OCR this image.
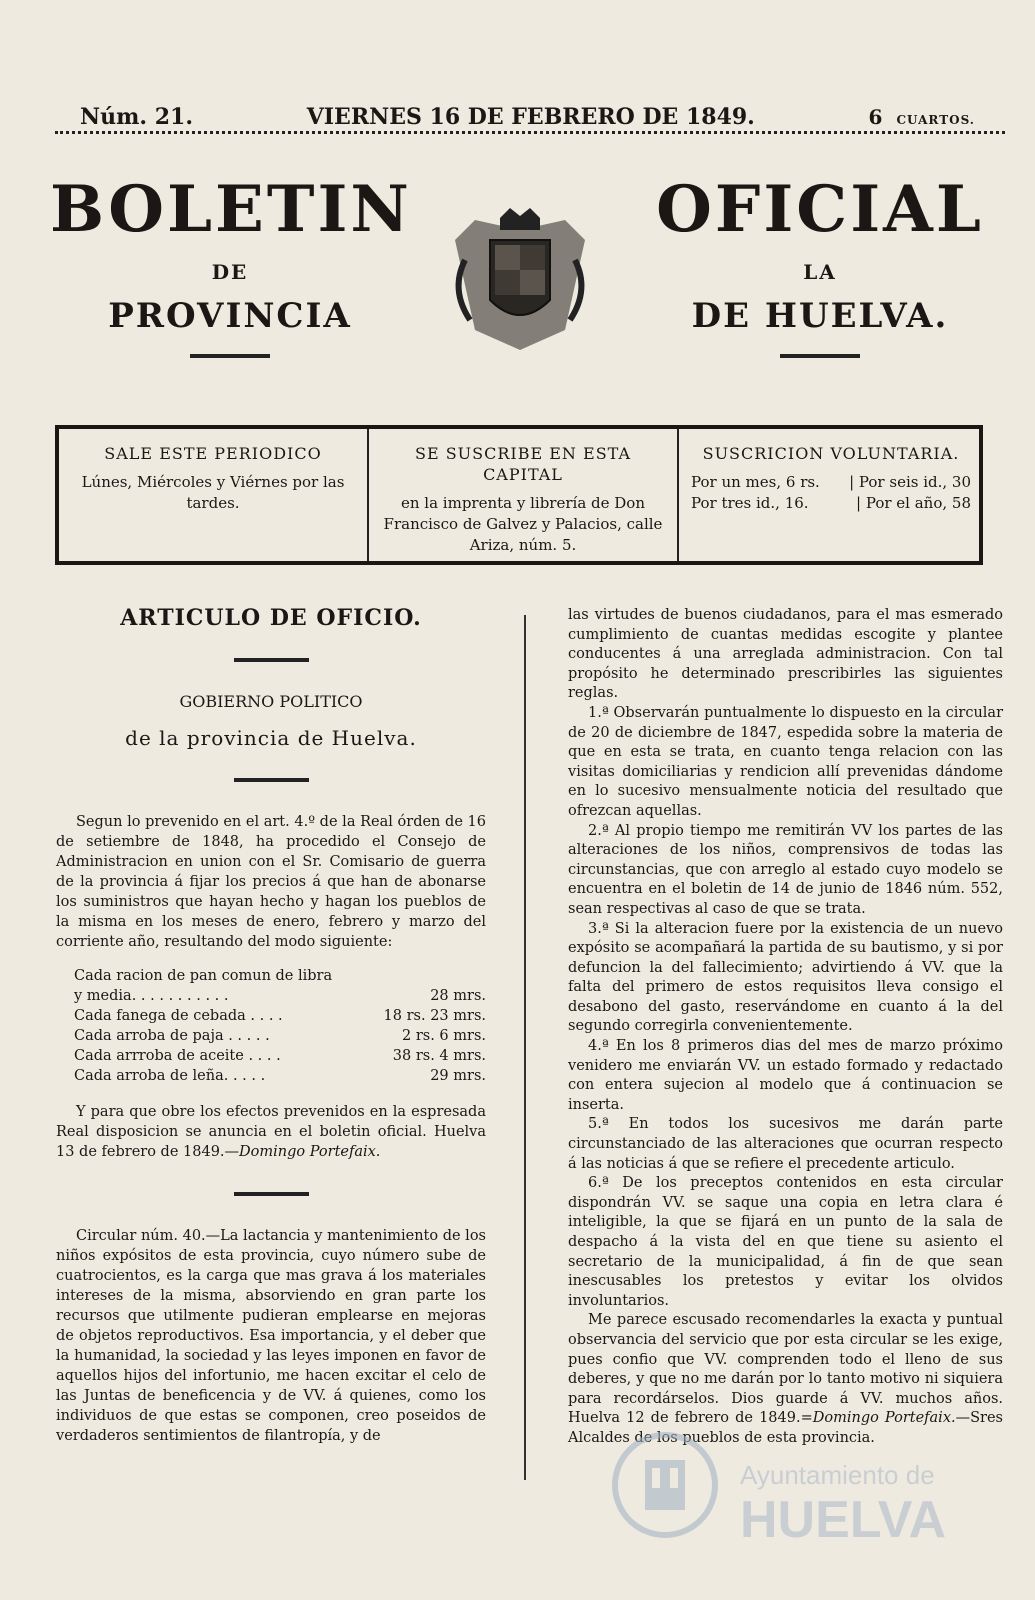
Núm. 21.	VIERNES 16 DE FEBRERO DE 1849.	6 CUARTOS.
BOLETIN
DE
PROVINCIA
OFICIAL
LA
DE HUELVA.
SALE ESTE PERIODICO
Lúnes, Miércoles y Viérnes por las tardes.
SE SUSCRIBE EN ESTA CAPITAL
en la imprenta y librería de Don Francisco de Galvez y Palacios, calle Ariza, núm. 5.
SUSCRICION VOLUNTARIA.
Por un mes, 6 rs. | Por seis id., 30
Por tres id., 16.	| Por el año, 58
ARTICULO DE OFICIO.
GOBIERNO POLITICO
de la provincia de Huelva.

Segun lo prevenido en el art. 4.º de la Real órden de 16 de setiembre de 1848, ha procedido el Consejo de Administracion en union con el Sr. Comisario de guerra de la provincia á fijar los precios á que han de abonarse los suministros que hayan hecho y hagan los pueblos de la misma en los meses de enero, febrero y marzo del corriente año, resultando del modo siguiente:

Cada racion de pan comun de libra
y media. . . . . . . . . . .	28 mrs.
Cada fanega de cebada . . . .	18 rs. 23 mrs.
Cada arroba de paja . . . . .	2 rs. 6 mrs.
Cada arrroba de aceite . . . .	38 rs. 4 mrs.
Cada arroba de leña. . . . .	29 mrs.

Y para que obre los efectos prevenidos en la espresada Real disposicion se anuncia en el boletin oficial. Huelva 13 de febrero de 1849.—Domingo Portefaix.

Circular núm. 40.—La lactancia y mantenimiento de los niños expósitos de esta provincia, cuyo número sube de cuatrocientos, es la carga que mas grava á los materiales intereses de la misma, absorviendo en gran parte los recursos que utilmente pudieran emplearse en mejoras de objetos reproductivos. Esa importancia, y el deber que la humanidad, la sociedad y las leyes imponen en favor de aquellos hijos del infortunio, me hacen excitar el celo de las Juntas de beneficencia y de VV. á quienes, como los individuos de que estas se componen, creo poseidos de verdaderos sentimientos de filantropía, y de

las virtudes de buenos ciudadanos, para el mas esmerado cumplimiento de cuantas medidas escogite y plantee conducentes á una arreglada administracion. Con tal propósito he determinado prescribirles las siguientes reglas.

1.ª Observarán puntualmente lo dispuesto en la circular de 20 de diciembre de 1847, espedida sobre la materia de que en esta se trata, en cuanto tenga relacion con las visitas domiciliarias y rendicion allí prevenidas dándome en lo sucesivo mensualmente noticia del resultado que ofrezcan aquellas.

2.ª Al propio tiempo me remitirán VV los partes de las alteraciones de los niños, comprensivos de todas las circunstancias, que con arreglo al estado cuyo modelo se encuentra en el boletin de 14 de junio de 1846 núm. 552, sean respectivas al caso de que se trata.

3.ª Si la alteracion fuere por la existencia de un nuevo expósito se acompañará la partida de su bautismo, y si por defuncion la del fallecimiento; advirtiendo á VV. que la falta del primero de estos requisitos lleva consigo el desabono del gasto, reservándome en cuanto á la del segundo corregirla convenientemente.

4.ª En los 8 primeros dias del mes de marzo próximo venidero me enviarán VV. un estado formado y redactado con entera sujecion al modelo que á continuacion se inserta.

5.ª En todos los sucesivos me darán parte circunstanciado de las alteraciones que ocurran respecto á las noticias á que se refiere el precedente articulo.

6.ª De los preceptos contenidos en esta circular dispondrán VV. se saque una copia en letra clara é inteligible, la que se fijará en un punto de la sala de despacho á la vista del en que tiene su asiento el secretario de la municipalidad, á fin de que sean inescusables los pretestos y evitar los olvidos involuntarios.

Me parece escusado recomendarles la exacta y puntual observancia del servicio que por esta circular se les exige, pues confio que VV. comprenden todo el lleno de sus deberes, y que no me darán por lo tanto motivo ni siquiera para recordárselos. Dios guarde á VV. muchos años. Huelva 12 de febrero de 1849.=Domingo Portefaix.—Sres Alcaldes de los pueblos de esta provincia.

Ayuntamiento de
HUELVA
